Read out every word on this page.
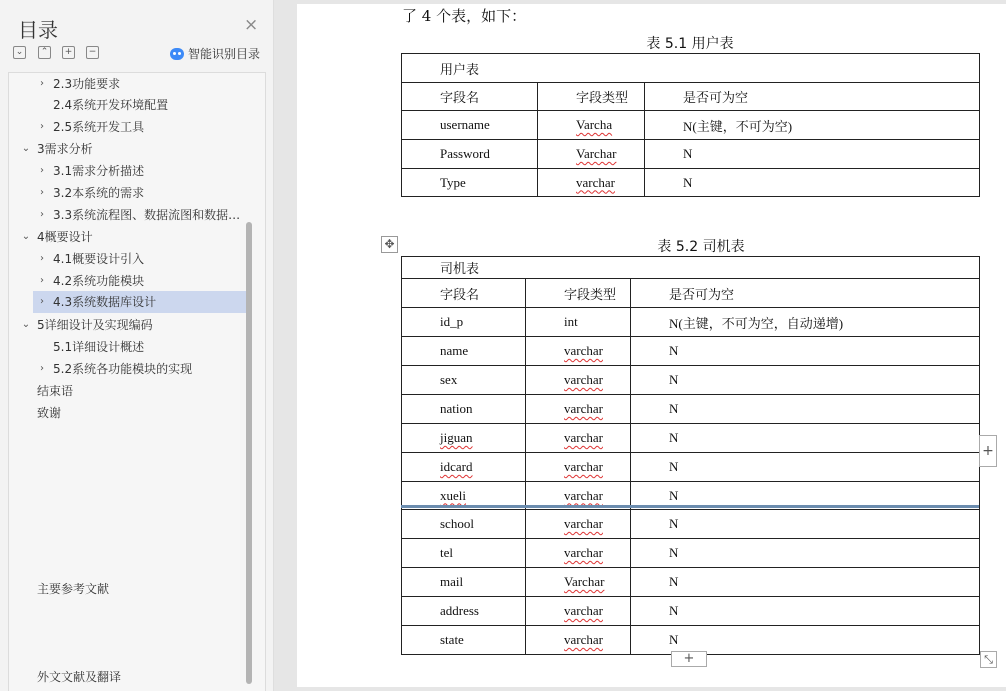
目录	×
⌄	⌃	+	−	智能识别目录
› 2.3功能要求
2.4系统开发环境配置
› 2.5系统开发工具
⌄ 3需求分析
› 3.1需求分析描述
› 3.2本系统的需求
› 3.3系统流程图、数据流图和数据…
⌄ 4概要设计
› 4.1概要设计引入
› 4.2系统功能模块
› 4.3系统数据库设计
⌄ 5详细设计及实现编码
5.1详细设计概述
› 5.2系统各功能模块的实现
结束语
致谢
主要参考文献
外文文献及翻译
了 4 个表，如下：
表 5.1 用户表
用户表		
字段名	字段类型	是否可为空
username	Varcha	N(主键，不可为空)
Password	Varchar	N
Type	varchar	N
✥	表 5.2 司机表
司机表		
字段名	字段类型	是否可为空
id_p	int	N(主键，不可为空，自动递增)
name	varchar	N
sex	varchar	N
nation	varchar	N
jiguan	varchar	N
idcard	varchar	N
xueli	varchar	N
school	varchar	N
tel	varchar	N
mail	Varchar	N
address	varchar	N
state	varchar	N
+
+	⤡
